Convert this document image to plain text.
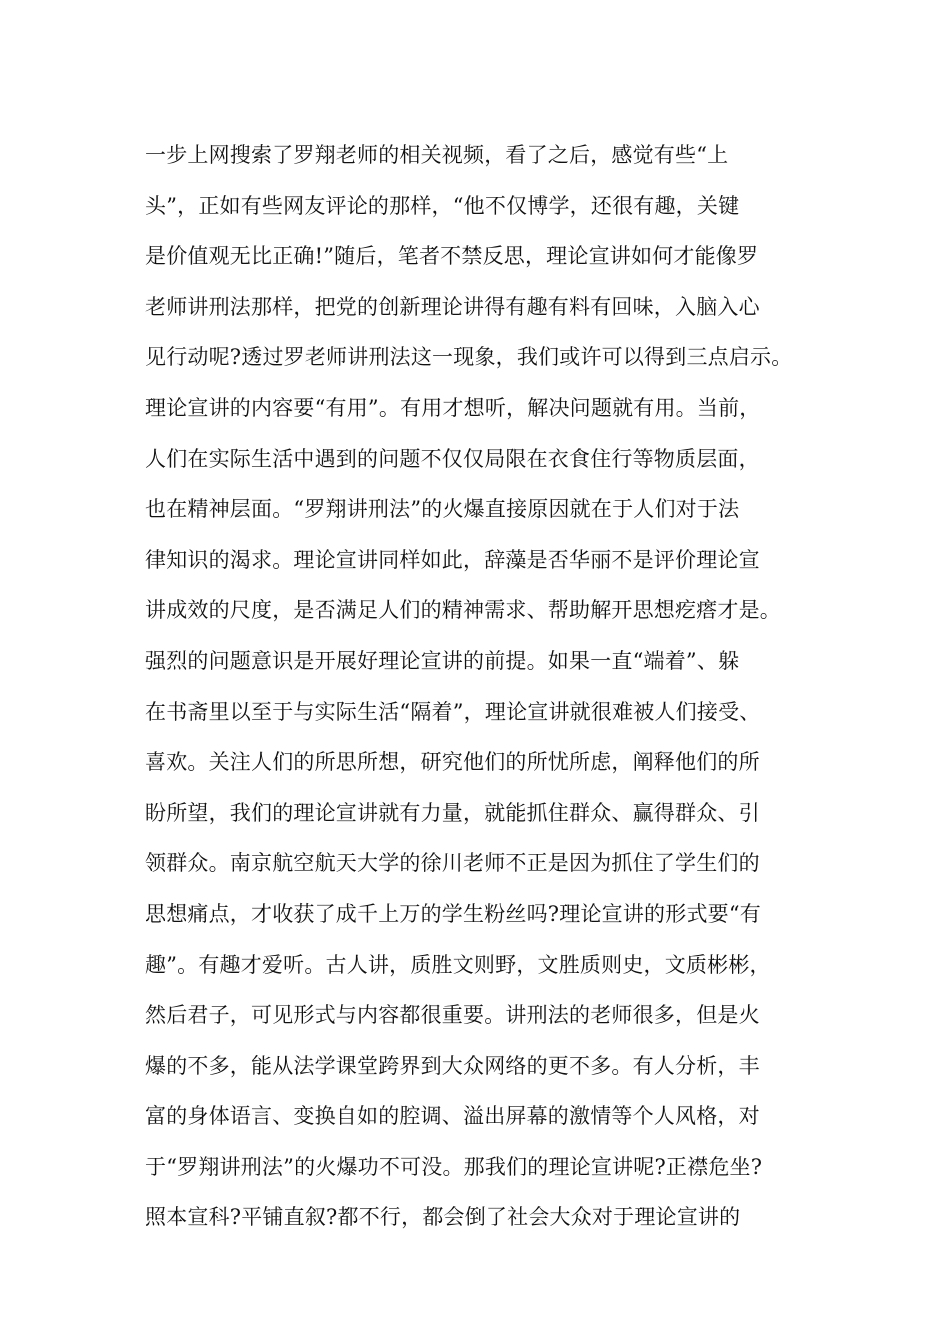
一步上网搜索了罗翔老师的相关视频，看了之后，感觉有些“上
头”，正如有些网友评论的那样，“他不仅博学，还很有趣，关键
是价值观无比正确!”随后，笔者不禁反思，理论宣讲如何才能像罗
老师讲刑法那样，把党的创新理论讲得有趣有料有回味，入脑入心
见行动呢?透过罗老师讲刑法这一现象，我们或许可以得到三点启示。
理论宣讲的内容要“有用”。有用才想听，解决问题就有用。当前，
人们在实际生活中遇到的问题不仅仅局限在衣食住行等物质层面，
也在精神层面。“罗翔讲刑法”的火爆直接原因就在于人们对于法
律知识的渴求。理论宣讲同样如此，辞藻是否华丽不是评价理论宣
讲成效的尺度，是否满足人们的精神需求、帮助解开思想疙瘩才是。
强烈的问题意识是开展好理论宣讲的前提。如果一直“端着”、躲
在书斋里以至于与实际生活“隔着”，理论宣讲就很难被人们接受、
喜欢。关注人们的所思所想，研究他们的所忧所虑，阐释他们的所
盼所望，我们的理论宣讲就有力量，就能抓住群众、赢得群众、引
领群众。南京航空航天大学的徐川老师不正是因为抓住了学生们的
思想痛点，才收获了成千上万的学生粉丝吗?理论宣讲的形式要“有
趣”。有趣才爱听。古人讲，质胜文则野，文胜质则史，文质彬彬，
然后君子，可见形式与内容都很重要。讲刑法的老师很多，但是火
爆的不多，能从法学课堂跨界到大众网络的更不多。有人分析，丰
富的身体语言、变换自如的腔调、溢出屏幕的激情等个人风格，对
于“罗翔讲刑法”的火爆功不可没。那我们的理论宣讲呢?正襟危坐?
照本宣科?平铺直叙?都不行，都会倒了社会大众对于理论宣讲的
